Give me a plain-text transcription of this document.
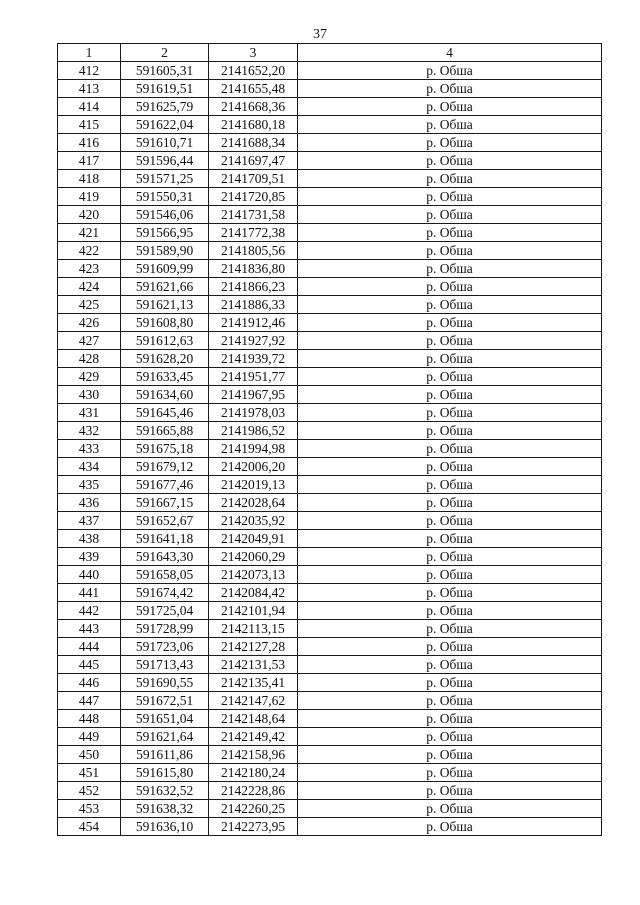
37
1	2	3	4
412	591605,31	2141652,20	р. Обша
413	591619,51	2141655,48	р. Обша
414	591625,79	2141668,36	р. Обша
415	591622,04	2141680,18	р. Обша
416	591610,71	2141688,34	р. Обша
417	591596,44	2141697,47	р. Обша
418	591571,25	2141709,51	р. Обша
419	591550,31	2141720,85	р. Обша
420	591546,06	2141731,58	р. Обша
421	591566,95	2141772,38	р. Обша
422	591589,90	2141805,56	р. Обша
423	591609,99	2141836,80	р. Обша
424	591621,66	2141866,23	р. Обша
425	591621,13	2141886,33	р. Обша
426	591608,80	2141912,46	р. Обша
427	591612,63	2141927,92	р. Обша
428	591628,20	2141939,72	р. Обша
429	591633,45	2141951,77	р. Обша
430	591634,60	2141967,95	р. Обша
431	591645,46	2141978,03	р. Обша
432	591665,88	2141986,52	р. Обша
433	591675,18	2141994,98	р. Обша
434	591679,12	2142006,20	р. Обша
435	591677,46	2142019,13	р. Обша
436	591667,15	2142028,64	р. Обша
437	591652,67	2142035,92	р. Обша
438	591641,18	2142049,91	р. Обша
439	591643,30	2142060,29	р. Обша
440	591658,05	2142073,13	р. Обша
441	591674,42	2142084,42	р. Обша
442	591725,04	2142101,94	р. Обша
443	591728,99	2142113,15	р. Обша
444	591723,06	2142127,28	р. Обша
445	591713,43	2142131,53	р. Обша
446	591690,55	2142135,41	р. Обша
447	591672,51	2142147,62	р. Обша
448	591651,04	2142148,64	р. Обша
449	591621,64	2142149,42	р. Обша
450	591611,86	2142158,96	р. Обша
451	591615,80	2142180,24	р. Обша
452	591632,52	2142228,86	р. Обша
453	591638,32	2142260,25	р. Обша
454	591636,10	2142273,95	р. Обша
